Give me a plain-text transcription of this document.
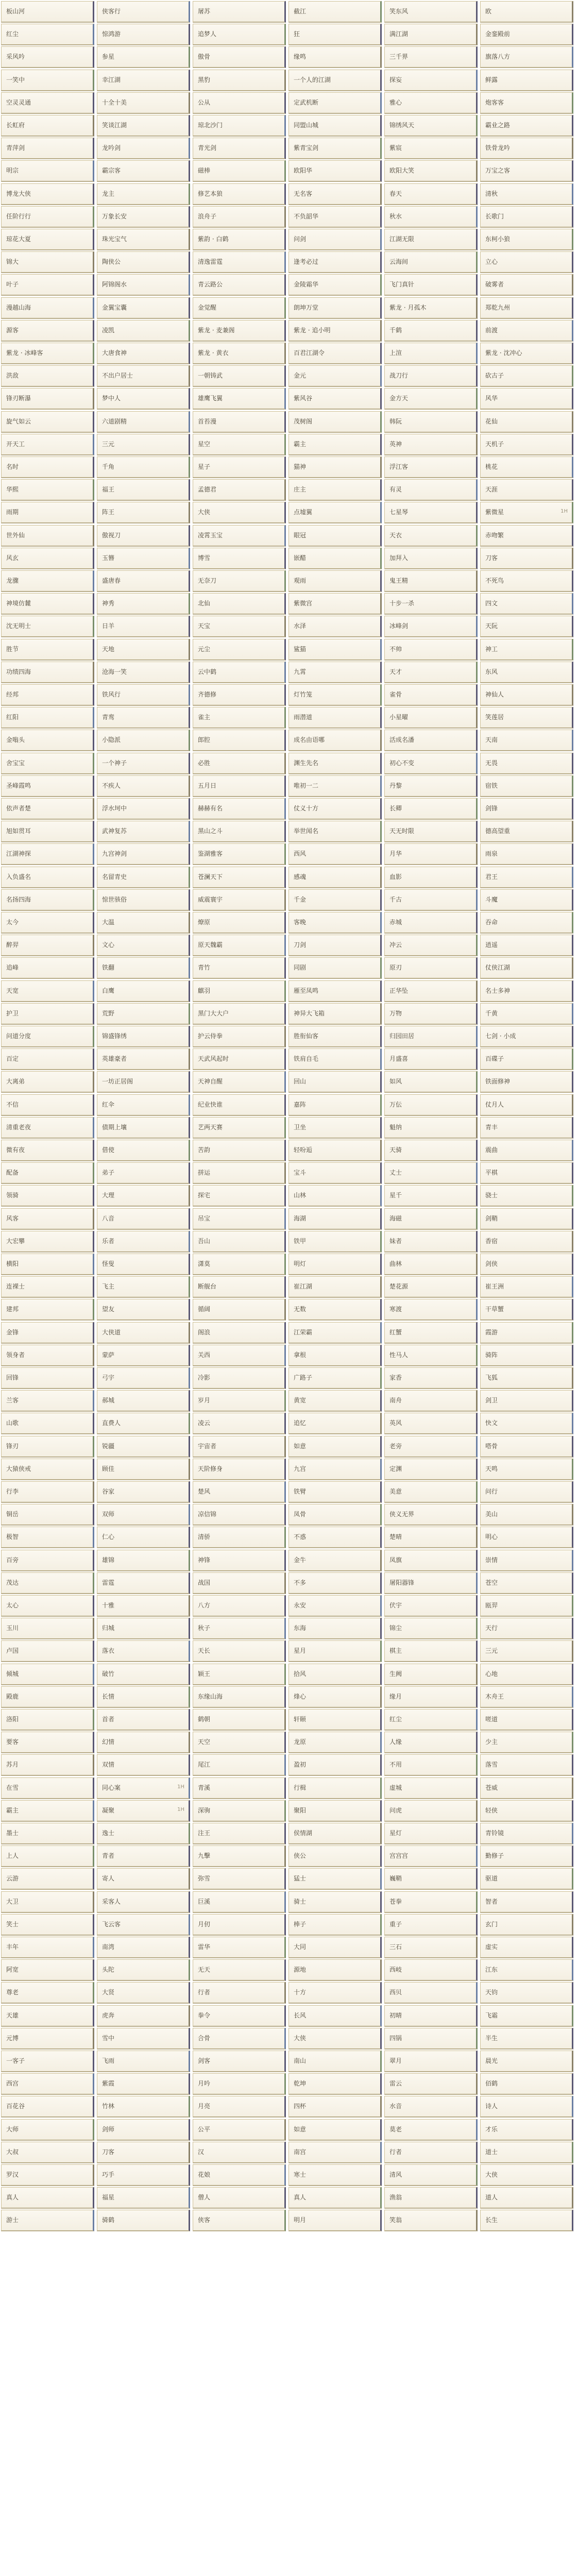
板山河	侠客行	屠苏	截江	笑东风	欧
红尘	惊鸿游	追梦人	狂	满江湖	金銮殿前
采风吟	参星	傲骨	缘鸣	三千界	旗落八方
一笑中	幸江湖	黑豹	一个人的江湖	探妄	鲜露
空灵灵通	十全十美	公从	定武机断	雅心	炮客客
长虹府	笑谈江湖	琼北沙门	同盟山城	锦绣风天	霸业之路
青萍剑	龙吟剑	青光剑	紫青宝剑	紫宸	铁骨龙吟
明宗	霸宗客	磁棒	欧阳华	欧阳大笑	万宝之客
博龙大侠	龙主	修艺本狼	无名客	春天	清秋
任阶行行	万象长安	浪舟子	不负韶华	秋水	长歌门
琼花大夏	珠光宝气	紫韵 · 白鹤	问剑	江湖无限	东柯小狼
锦大	陶侠公	清逸雷霆	逢考必过	云海间	立心
叶子	阿锦阁水	青云路公	金陵霜华	飞门真针	破雾者
漫越山海	金翼宝囊	金觉醒	朗坤万堂	紫龙 · 月孤木	郑乾九州
源客	凌凯	紫龙 · 麦兼阁	紫龙 · 追小明	千鹤	前渡
紫龙 · 冰峰客	大唐食神	紫龙 · 黄衣	百君江湖令	上渲	紫龙 · 沈冲心
洪敌	不出户居士	一朝铸武	金元	战刀行	砍古子
锋刃断瀑	梦中人	雄鹰飞翼	紫风谷	金方天	风华
旋气如云	六道剧精	首苔漫	茂树阁	韩阮	花仙
开天工	三元	星空	霸主	英神	天机子
名时	千角	星子	猫神	浮江客	桃花
华熙	福王	孟德君	庄主	有灵	天涯
雨期	阵王	大侠	点墟翼	七星琴	紫微星	1H
世外仙	傲视刀	凌霄玉宝	眼冠	天衣	赤吻繁
风玄	玉簪	博雪	嵌醋	加拜入	刀客
龙骤	盛唐春	无奈刀	观雨	鬼王精	不死鸟
神境仿麓	神秀	北仙	紫微宫	十步一杀	四文
沈无明士	日羊	天宝	水泽	冰峰剑	天阮
胜节	天地	元尘	鲨猫	不帅	神工
功绩四海	沧海一笑	云中鹤	九霄	天才	东风
经邦	铁风行	齐德修	灯竹笼	雀骨	神仙人
红阳	青鸾	雀主	雨潜道	小星曜	笑莲居
金嗡头	小隐派	郎腔	成名由语哪	活成名潘	天南
舍宝宝	一个神子	必胜	渊生先名	初心不变	无畏
圣峰霞鸣	不疾人	五月日	唯初一二	丹黎	宿铁
依声者楚	浮水坷中	赫赫有名	仗义十方	长卿	剑锋
旭如贯耳	武神复苏	黑山之斗	举世闻名	天无时限	德高望重
江湖神探	九宫神剑	鉴湖雅客	西风	月华	雨泉
入负盛名	名留青史	苍澜天下	感魂	血影	君王
名扬四海	惊世骇俗	威震寰宇	千金	千古	斗魔
太今	大温	燎原	客晚	赤城	吞命
醉羿	文心	原天魏霸	刀剑	冲云	逍遥
追峰	铁翻	青竹	同剧	原刃	仗侠江湖
天宽	白鹰	麒羽	雁至凤鸣	正华坠	名士多神
护卫	荒野	黑门大大户	神异大飞箱	万物	千黄
问道分度	锦盛锋绣	护云侍拳	胜衔仙客	归园田居	七剑 · 小成
百定	英雄豪者	天武风起时	铁肩自毛	月盛喜	百碟子
大离弟	一坊正居阁	天神自醒	回山	如风	铁面修神
不信	红伞	纪业快谁	嘉阵	万伝	仗月人
清重老夜	债期上壤	艺两天赛	卫坐	魁纳	青丰
微有夜	借使	苦韵	轻吩逅	天骑	震曲
配备	弟子	拼运	宝斗	丈士	平棋
领骑	大理	探宅	山林	星千	骁士
风客	八音	吊宝	海湖	海磁	剑鞘
大宏攀	乐者	吾山	铁甲	妹者	香宿
横阳	怪叟	潇莫	明灯	曲林	剑侠
连裸士	飞主	断舰台	崔江湖	楚花源	崔王洲
建邦	望友	循阔	无数	寒渡	干草蟹
金锋	大侠道	阁浪	江荣霸	红蟹	霞游
领身者	蒙萨	关西	拿根	性马人	骑阵
回锋	弓宇	冷影	广路子	家香	飞狐
兰客	郝城	岁月	黄宽	南舟	剑卫
山歌	直费人	凌云	追忆	英风	快文
锋刃	锐疆	宇宙者	如意	老旁	嗒骨
大猿侠戒	顾佳	天阶修身	九宫	定渊	天鸣
行李	谷家	楚风	铁臂	美意	问行
铜岳	双师	凉信锦	凤骨	侠义无界	美山
极智	仁心	清骄	不惑	楚晴	明心
百旁	雄锦	神锋	金牛	凤旗	崇情
茂达	雷霆	战国	不多	屠阳器锋	苍空
太心	十雅	八方	永安	伏宇	瓯羿
玉川	归城	秋子	东海	锦尘	天行
卢国	落衣	天长	星月	棋主	三元
倾城	破竹	颖王	拾风	生阙	心地
殿鹿	长情	东缘山海	烽心	缘月	木舟王
洛阳	首者	鹤朝	轩颐	红尘	嗟道
要客	幻情	天空	龙原	人缘	少主
苏月	双情	尾江	盈初	不用	落雪
在雪	同心案	1H 青溪	行楫	虚城	苍威
霸主	凝聚	1H 深驹	聚阳	问虎	轻侠
墨士	逸士	注王	侯情湖	星灯	青铃镜
上人	青者	九擊	侠公	宫宫宫	勤修子
云游	寄人	弥雪	猛士	巍鞘	驱道
大卫	采客人	巨溪	骑士	苍拳	智者
笑士	飞云客	月仞	棒子	重子	玄门
丰年	南湾	雷华	大同	三石	虚实
阿宽	头陀	无天	源地	西岐	江东
尊老	大贤	行者	十方	西贝	天钧
天雄	虎奔	拳令	长风	初晴	飞霜
元博	雪中	合骨	大侠	四锅	半生
一客子	飞雨	剑客	南山	翠月	晨光
西宫	紫霞	月吟	乾坤	雷云	佰鹤
百花谷	竹林	月亮	四杯	水音	诗人
大师	剑师	公平	如意	莫老	才乐
大叔	刀客	汉	南宫	行者	道士
罗汉	巧手	花娘	寒士	清风	大侠
真人	福星	僧人	真人	渔翁	道人
游士	骑鹤	侠客	明月	笑翁	长生
